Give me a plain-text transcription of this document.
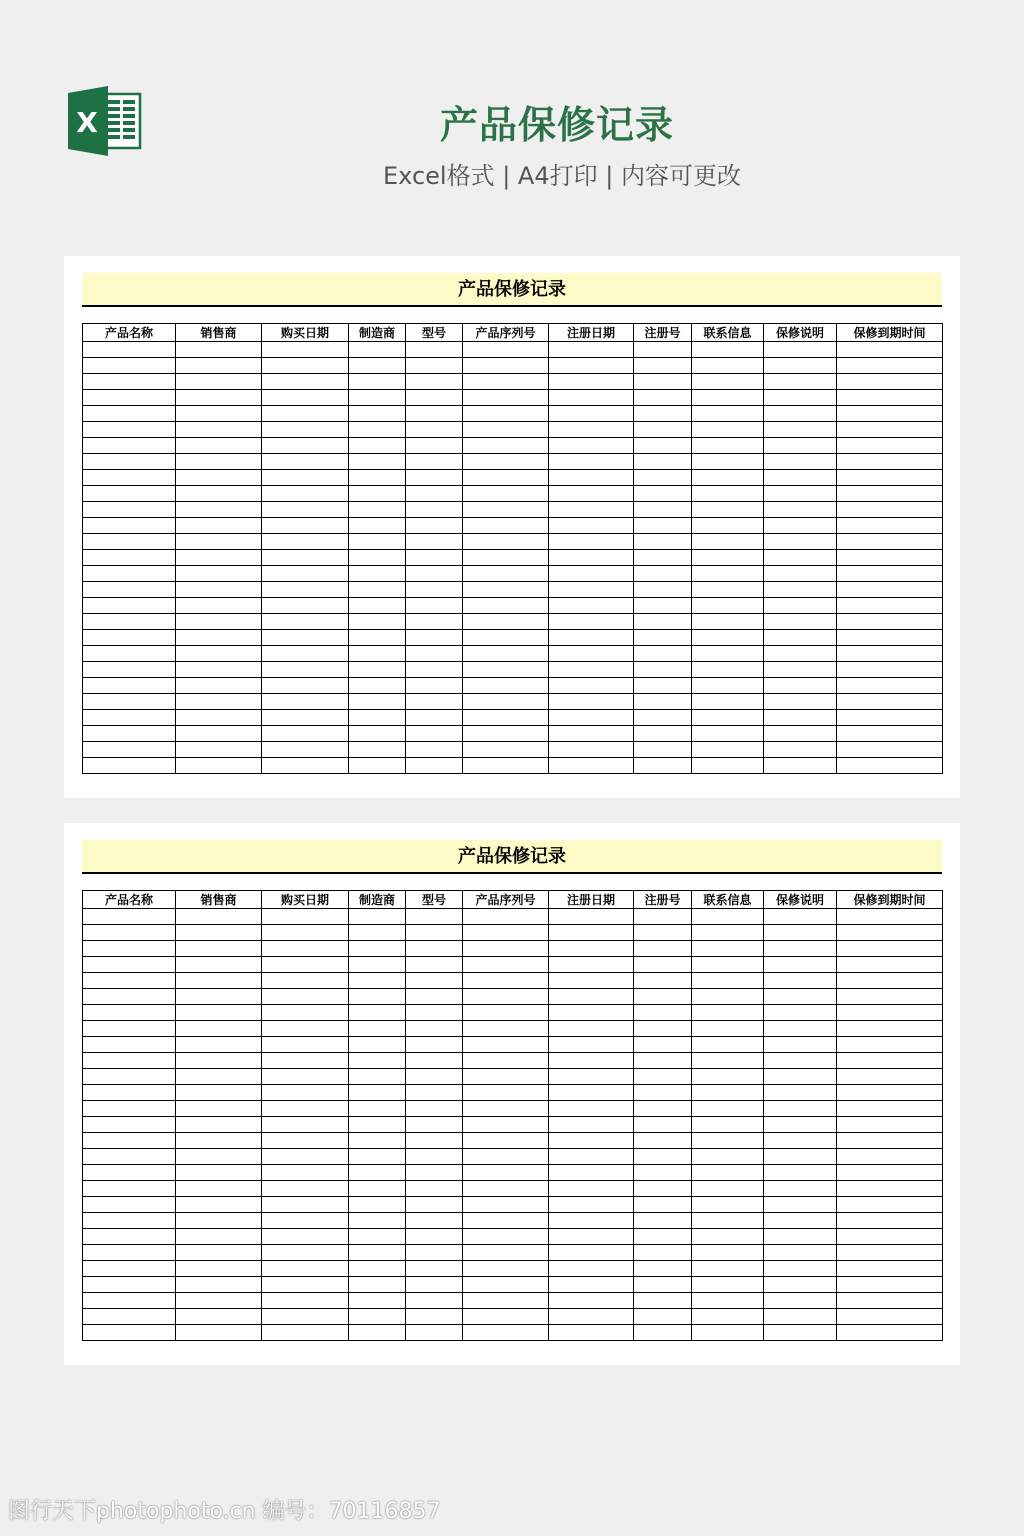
X	产品保修记录
Excel格式 | A4打印 | 内容可更改
产品保修记录
产品名称	销售商	购买日期	制造商	型号	产品序列号	注册日期	注册号	联系信息	保修说明	保修到期时间

产品保修记录
产品名称	销售商	购买日期	制造商	型号	产品序列号	注册日期	注册号	联系信息	保修说明	保修到期时间

图行天下photophoto.cn 编号：70116857
